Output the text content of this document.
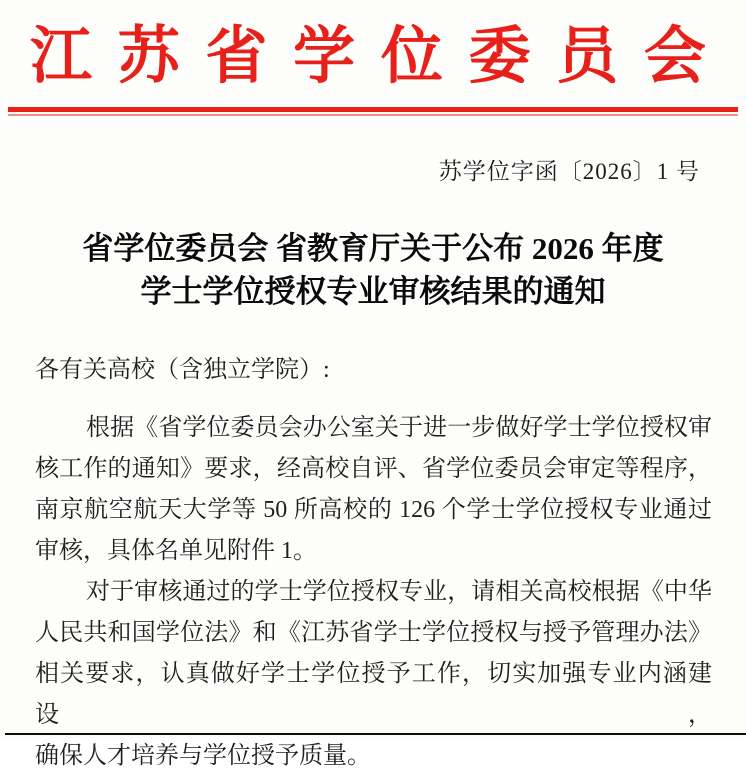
江 苏 省 学 位 委 员 会
苏学位字函〔2026〕1 号
省学位委员会 省教育厅关于公布 2026 年度
学士学位授权专业审核结果的通知
各有关高校（含独立学院）:
根据《省学位委员会办公室关于进一步做好学士学位授权审
核工作的通知》要求，经高校自评、省学位委员会审定等程序，
南京航空航天大学等 50 所高校的 126 个学士学位授权专业通过
审核，具体名单见附件 1。
对于审核通过的学士学位授权专业，请相关高校根据《中华
人民共和国学位法》和《江苏省学士学位授权与授予管理办法》
相关要求，认真做好学士学位授予工作，切实加强专业内涵建设，
确保人才培养与学位授予质量。
